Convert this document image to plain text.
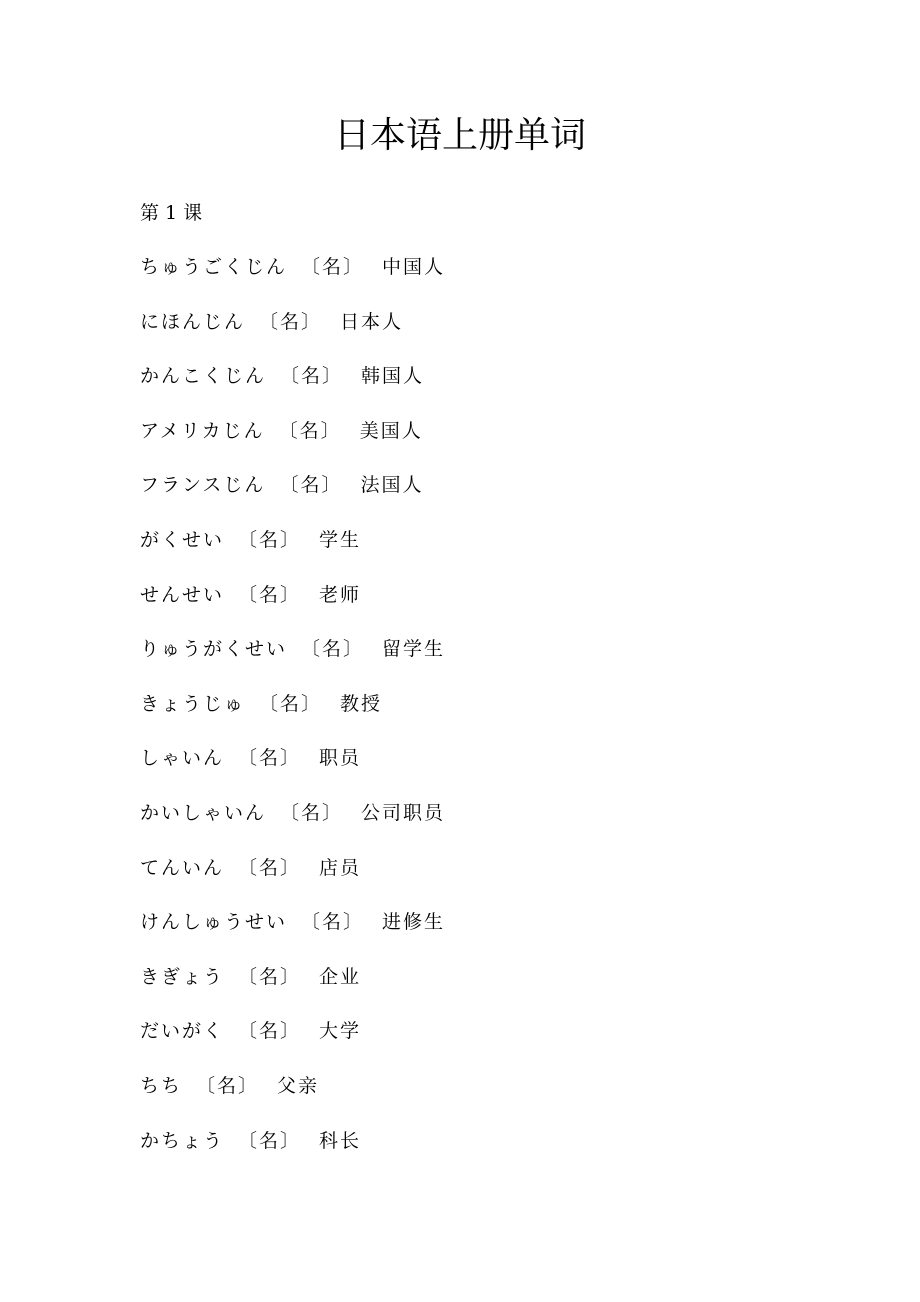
日本语上册单词
第 1 课
ちゅうごくじん 〔名〕 中国人
にほんじん 〔名〕 日本人
かんこくじん 〔名〕 韩国人
アメリカじん 〔名〕 美国人
フランスじん 〔名〕 法国人
がくせい 〔名〕 学生
せんせい 〔名〕 老师
りゅうがくせい 〔名〕 留学生
きょうじゅ 〔名〕 教授
しゃいん 〔名〕 职员
かいしゃいん 〔名〕 公司职员
てんいん 〔名〕 店员
けんしゅうせい 〔名〕 进修生
きぎょう 〔名〕 企业
だいがく 〔名〕 大学
ちち 〔名〕 父亲
かちょう 〔名〕 科长
